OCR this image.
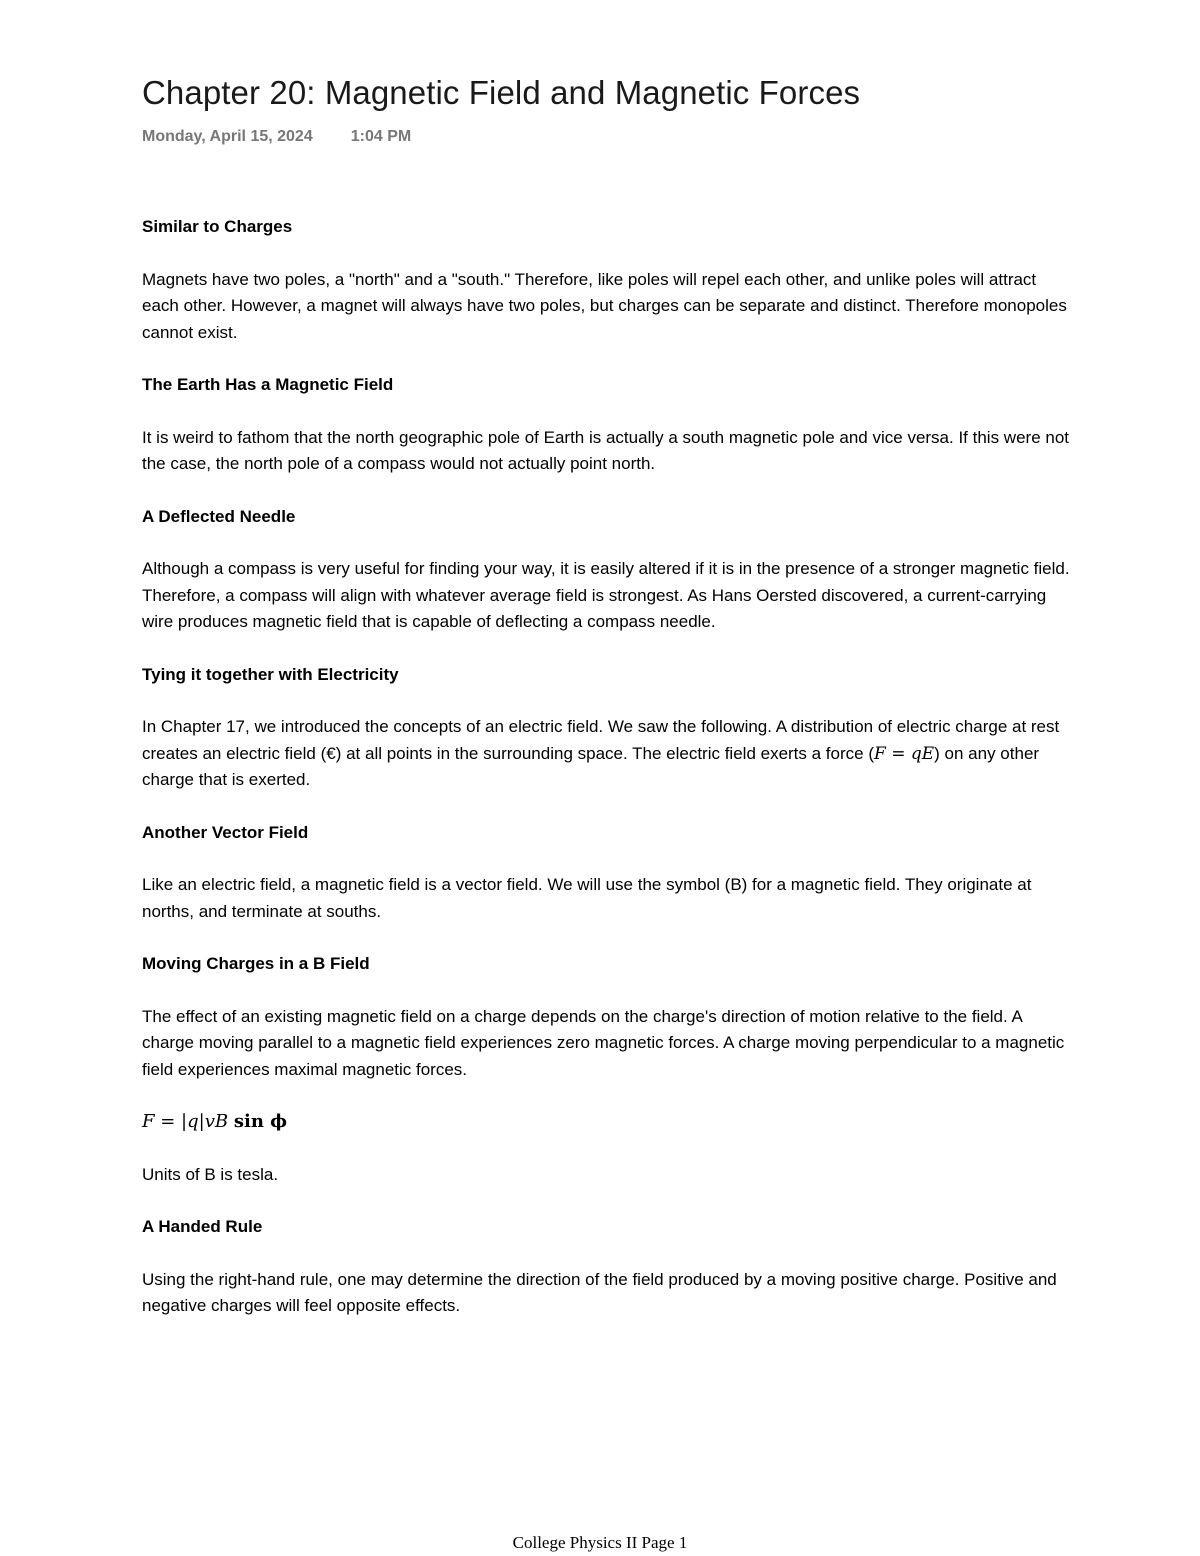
Chapter 20: Magnetic Field and Magnetic Forces
Monday, April 15, 2024 1:04 PM
Similar to Charges

Magnets have two poles, a "north" and a "south." Therefore, like poles will repel each other, and unlike poles will attract each other. However, a magnet will always have two poles, but charges can be separate and distinct. Therefore monopoles cannot exist.

The Earth Has a Magnetic Field

It is weird to fathom that the north geographic pole of Earth is actually a south magnetic pole and vice versa. If this were not the case, the north pole of a compass would not actually point north.

A Deflected Needle

Although a compass is very useful for finding your way, it is easily altered if it is in the presence of a stronger magnetic field. Therefore, a compass will align with whatever average field is strongest. As Hans Oersted discovered, a current-carrying wire produces magnetic field that is capable of deflecting a compass needle.

Tying it together with Electricity

In Chapter 17, we introduced the concepts of an electric field. We saw the following. A distribution of electric charge at rest creates an electric field (€) at all points in the surrounding space. The electric field exerts a force (F = qE) on any other charge that is exerted.

Another Vector Field

Like an electric field, a magnetic field is a vector field. We will use the symbol (B) for a magnetic field. They originate at norths, and terminate at souths.

Moving Charges in a B Field

The effect of an existing magnetic field on a charge depends on the charge's direction of motion relative to the field. A charge moving parallel to a magnetic field experiences zero magnetic forces. A charge moving perpendicular to a magnetic field experiences maximal magnetic forces.

F = |q|vB sin ϕ

Units of B is tesla.

A Handed Rule

Using the right-hand rule, one may determine the direction of the field produced by a moving positive charge. Positive and negative charges will feel opposite effects.

College Physics II Page 1
